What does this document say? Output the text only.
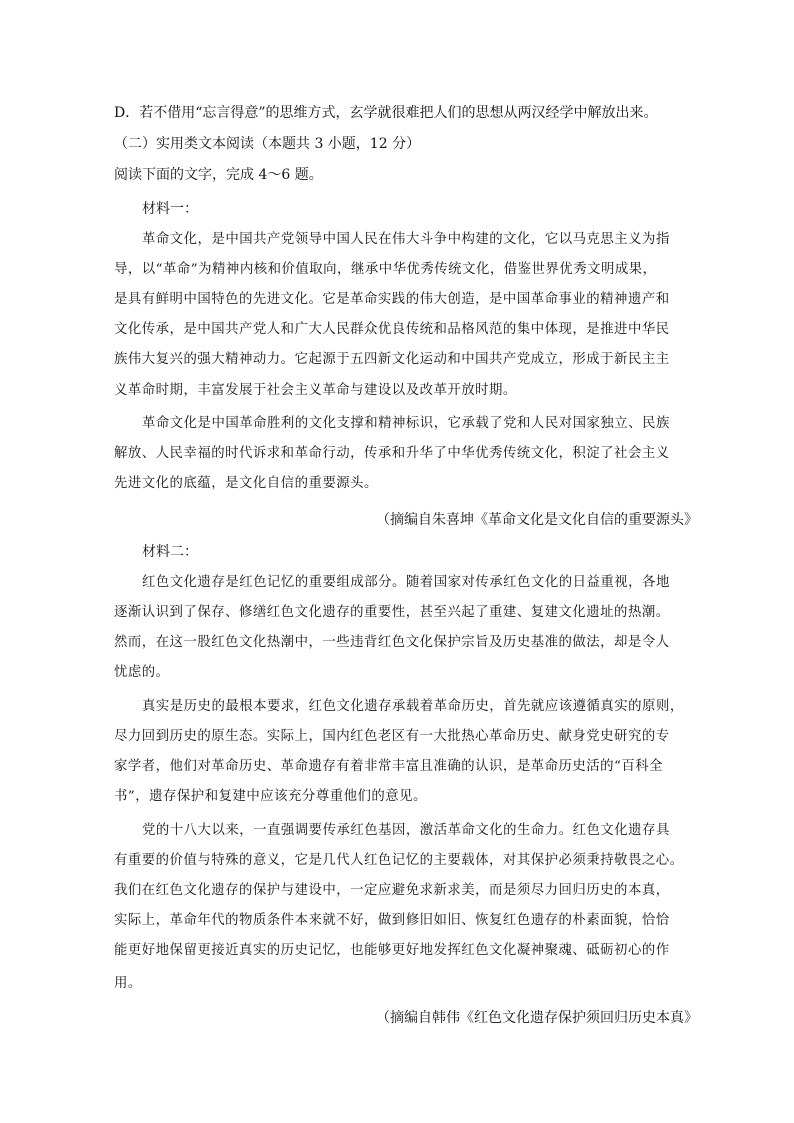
D．若不借用“忘言得意”的思维方式，玄学就很难把人们的思想从两汉经学中解放出来。
（二）实用类文本阅读（本题共 3 小题，12 分）
阅读下面的文字，完成 4～6 题。
材料一：
革命文化，是中国共产党领导中国人民在伟大斗争中构建的文化，它以马克思主义为指
导，以“革命”为精神内核和价值取向，继承中华优秀传统文化，借鉴世界优秀文明成果，
是具有鲜明中国特色的先进文化。它是革命实践的伟大创造，是中国革命事业的精神遗产和
文化传承，是中国共产党人和广大人民群众优良传统和品格风范的集中体现，是推进中华民
族伟大复兴的强大精神动力。它起源于五四新文化运动和中国共产党成立，形成于新民主主
义革命时期，丰富发展于社会主义革命与建设以及改革开放时期。
革命文化是中国革命胜利的文化支撑和精神标识，它承载了党和人民对国家独立、民族
解放、人民幸福的时代诉求和革命行动，传承和升华了中华优秀传统文化，积淀了社会主义
先进文化的底蕴，是文化自信的重要源头。
（摘编自朱喜坤《革命文化是文化自信的重要源头》
材料二：
红色文化遗存是红色记忆的重要组成部分。随着国家对传承红色文化的日益重视，各地
逐渐认识到了保存、修缮红色文化遗存的重要性，甚至兴起了重建、复建文化遗址的热潮。
然而，在这一股红色文化热潮中，一些违背红色文化保护宗旨及历史基准的做法，却是令人
忧虑的。
真实是历史的最根本要求，红色文化遗存承载着革命历史，首先就应该遵循真实的原则，
尽力回到历史的原生态。实际上，国内红色老区有一大批热心革命历史、献身党史研究的专
家学者，他们对革命历史、革命遗存有着非常丰富且准确的认识，是革命历史活的“百科全
书”，遗存保护和复建中应该充分尊重他们的意见。
党的十八大以来，一直强调要传承红色基因，激活革命文化的生命力。红色文化遗存具
有重要的价值与特殊的意义，它是几代人红色记忆的主要载体，对其保护必须秉持敬畏之心。
我们在红色文化遗存的保护与建设中，一定应避免求新求美，而是须尽力回归历史的本真，
实际上，革命年代的物质条件本来就不好，做到修旧如旧、恢复红色遗存的朴素面貌，恰恰
能更好地保留更接近真实的历史记忆，也能够更好地发挥红色文化凝神聚魂、砥砺初心的作
用。
（摘编自韩伟《红色文化遗存保护须回归历史本真》
